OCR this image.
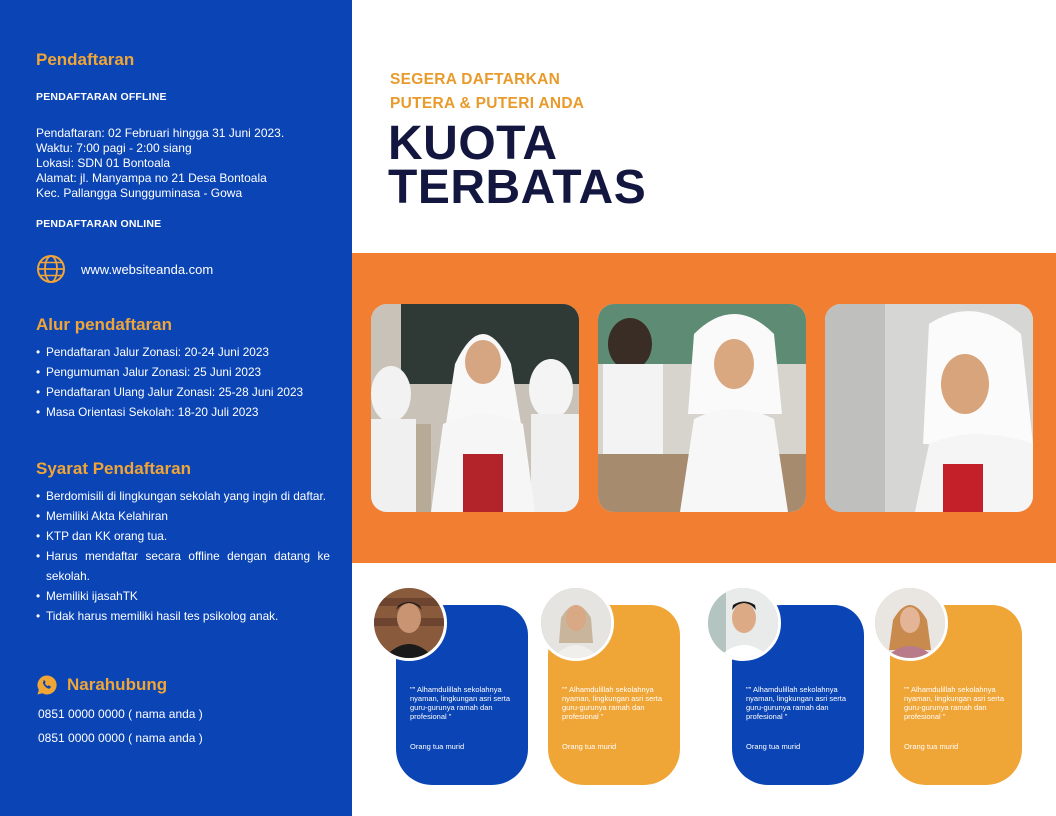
Pendaftaran
PENDAFTARAN OFFLINE
Pendaftaran: 02 Februari hingga 31 Juni 2023.
Waktu: 7:00 pagi - 2:00 siang
Lokasi: SDN 01 Bontoala
Alamat: jl. Manyampa no 21 Desa Bontoala
Kec. Pallangga Sungguminasa - Gowa
PENDAFTARAN ONLINE
www.websiteanda.com
Alur pendaftaran
• Pendaftaran Jalur Zonasi: 20-24 Juni 2023
• Pengumuman Jalur Zonasi: 25 Juni 2023
• Pendaftaran Ulang Jalur Zonasi: 25-28 Juni 2023
• Masa Orientasi Sekolah: 18-20 Juli 2023
Syarat Pendaftaran
• Berdomisili di lingkungan sekolah yang ingin di daftar.
• Memiliki Akta Kelahiran
• KTP dan KK orang tua.
• Harus mendaftar secara offline dengan datang ke sekolah.
• Memiliki ijasahTK
• Tidak harus memiliki hasil tes psikolog anak.
Narahubung
0851 0000 0000 ( nama anda )
0851 0000 0000 ( nama anda )
SEGERA DAFTARKAN
PUTERA & PUTERI ANDA
KUOTA
TERBATAS
"" Alhamdulillah sekolahnya nyaman, lingkungan asri serta guru-gurunya ramah dan profesional "
Orang tua murid
"" Alhamdulillah sekolahnya nyaman, lingkungan asri serta guru-gurunya ramah dan profesional "
Orang tua murid
"" Alhamdulillah sekolahnya nyaman, lingkungan asri serta guru-gurunya ramah dan profesional "
Orang tua murid
"" Alhamdulillah sekolahnya nyaman, lingkungan asri serta guru-gurunya ramah dan profesional "
Orang tua murid
